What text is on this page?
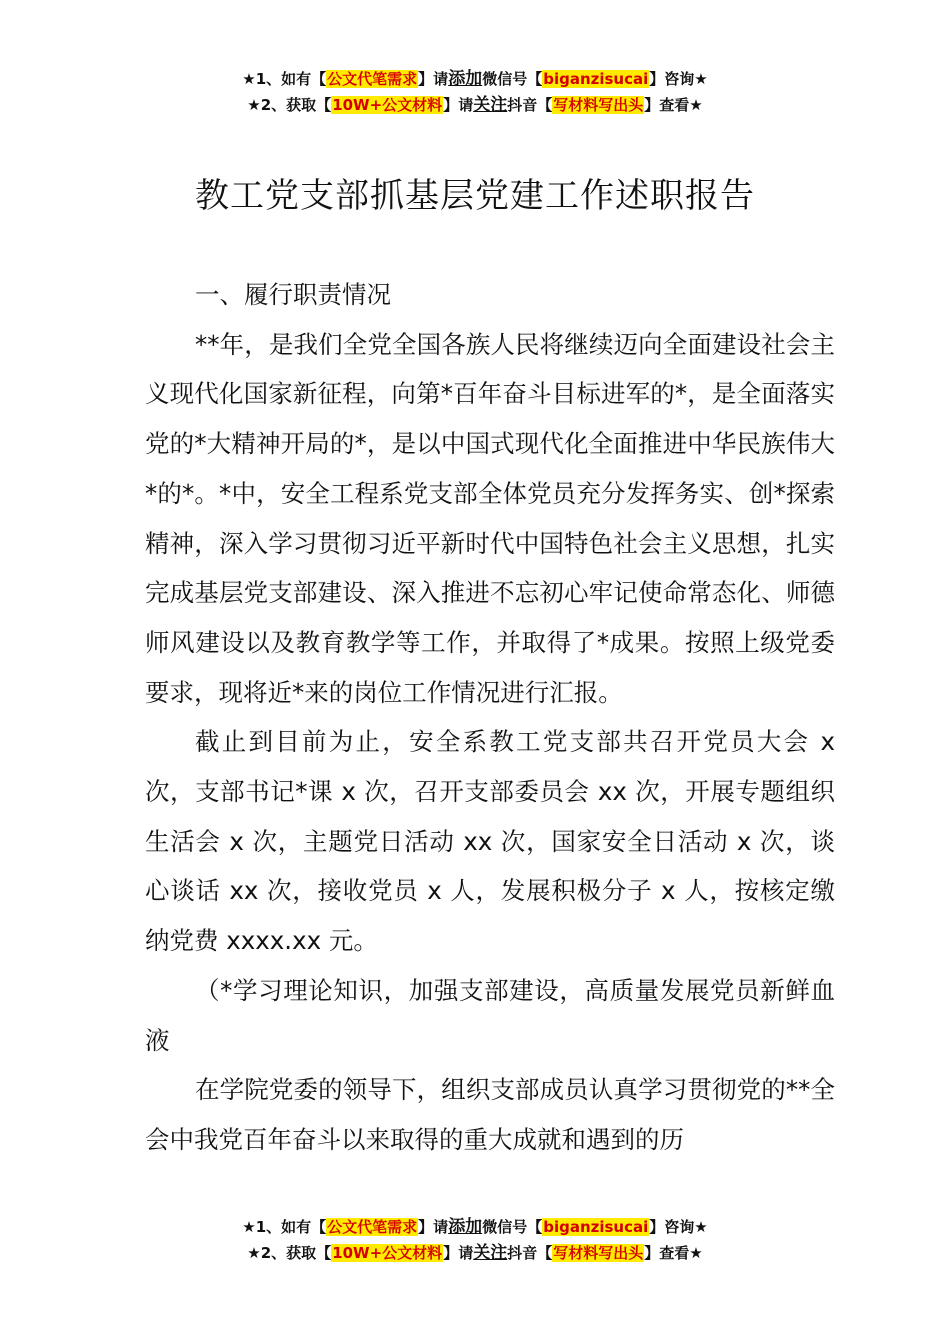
★1、如有【公文代笔需求】请添加微信号【biganzisucai】咨询★
★2、获取【10W+公文材料】请关注抖音【写材料写出头】查看★
教工党支部抓基层党建工作述职报告

一、履行职责情况

**年，是我们全党全国各族人民将继续迈向全面建设社会主义现代化国家新征程，向第*百年奋斗目标进军的*，是全面落实党的*大精神开局的*，是以中国式现代化全面推进中华民族伟大*的*。*中，安全工程系党支部全体党员充分发挥务实、创*探索精神，深入学习贯彻习近平新时代中国特色社会主义思想，扎实完成基层党支部建设、深入推进不忘初心牢记使命常态化、师德师风建设以及教育教学等工作，并取得了*成果。按照上级党委要求，现将近*来的岗位工作情况进行汇报。

截止到目前为止，安全系教工党支部共召开党员大会 x 次，支部书记*课 x 次，召开支部委员会 xx 次，开展专题组织生活会 x 次，主题党日活动 xx 次，国家安全日活动 x 次，谈心谈话 xx 次，接收党员 x 人，发展积极分子 x 人，按核定缴纳党费 xxxx.xx 元。

（*学习理论知识，加强支部建设，高质量发展党员新鲜血液

在学院党委的领导下，组织支部成员认真学习贯彻党的**全会中我党百年奋斗以来取得的重大成就和遇到的历

★1、如有【公文代笔需求】请添加微信号【biganzisucai】咨询★
★2、获取【10W+公文材料】请关注抖音【写材料写出头】查看★
